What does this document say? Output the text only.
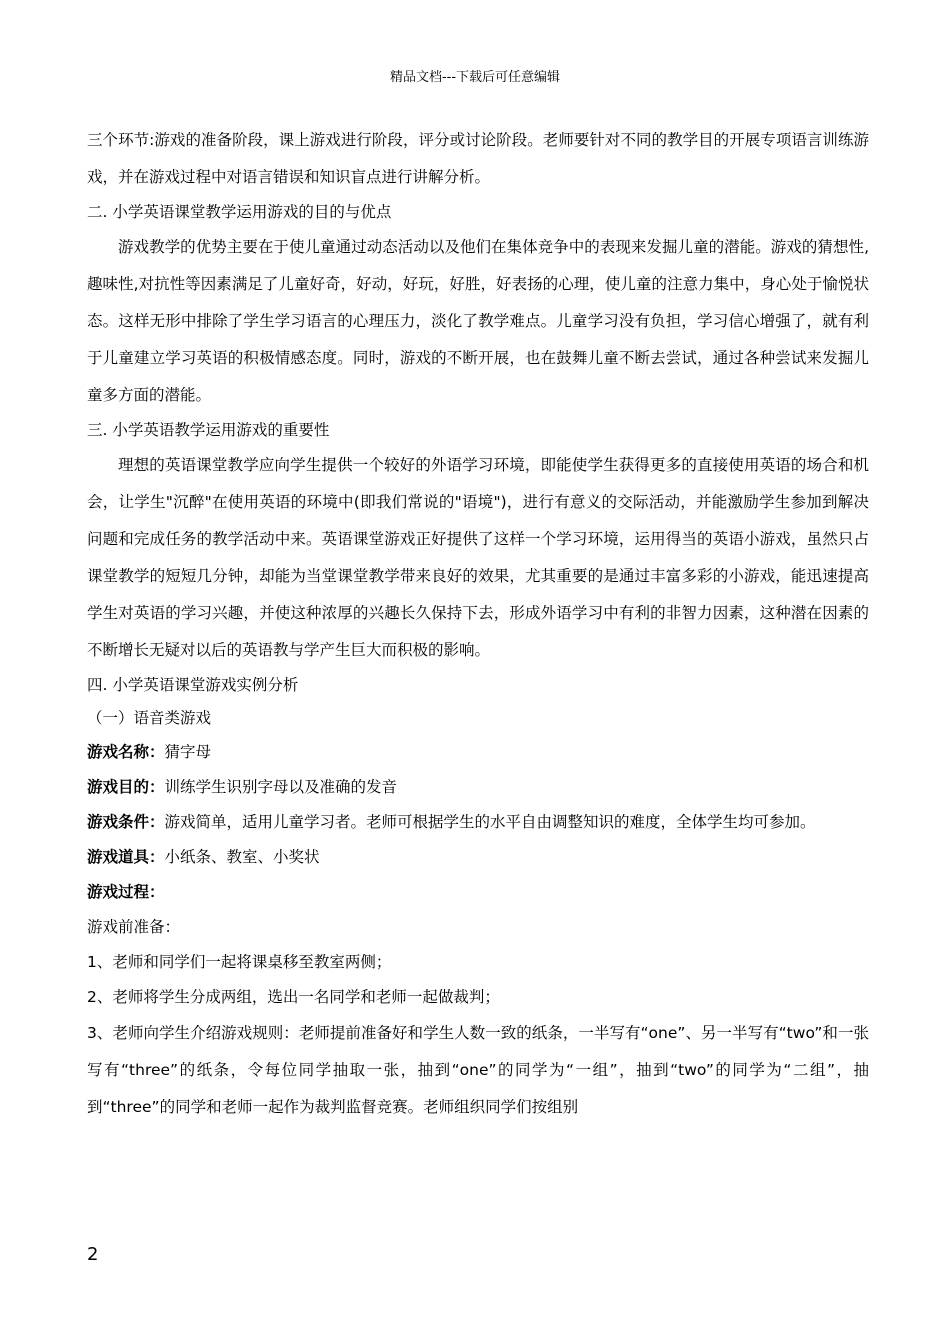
精品文档---下载后可任意编辑

三个环节:游戏的准备阶段，课上游戏进行阶段，评分或讨论阶段。老师要针对不同的教学目的开展专项语言训练游戏，并在游戏过程中对语言错误和知识盲点进行讲解分析。

二. 小学英语课堂教学运用游戏的目的与优点

游戏教学的优势主要在于使儿童通过动态活动以及他们在集体竞争中的表现来发掘儿童的潜能。游戏的猜想性,趣味性,对抗性等因素满足了儿童好奇，好动，好玩，好胜，好表扬的心理，使儿童的注意力集中，身心处于愉悦状态。这样无形中排除了学生学习语言的心理压力，淡化了教学难点。儿童学习没有负担，学习信心增强了，就有利于儿童建立学习英语的积极情感态度。同时，游戏的不断开展，也在鼓舞儿童不断去尝试，通过各种尝试来发掘儿童多方面的潜能。

三. 小学英语教学运用游戏的重要性

理想的英语课堂教学应向学生提供一个较好的外语学习环境，即能使学生获得更多的直接使用英语的场合和机会，让学生"沉醉"在使用英语的环境中(即我们常说的"语境")，进行有意义的交际活动，并能激励学生参加到解决问题和完成任务的教学活动中来。英语课堂游戏正好提供了这样一个学习环境，运用得当的英语小游戏，虽然只占课堂教学的短短几分钟，却能为当堂课堂教学带来良好的效果，尤其重要的是通过丰富多彩的小游戏，能迅速提高学生对英语的学习兴趣，并使这种浓厚的兴趣长久保持下去，形成外语学习中有利的非智力因素，这种潜在因素的不断增长无疑对以后的英语教与学产生巨大而积极的影响。

四. 小学英语课堂游戏实例分析

（一）语音类游戏

游戏名称：猜字母

游戏目的：训练学生识别字母以及准确的发音

游戏条件：游戏简单，适用儿童学习者。老师可根据学生的水平自由调整知识的难度，全体学生均可参加。

游戏道具：小纸条、教室、小奖状

游戏过程：

游戏前准备：

1、老师和同学们一起将课桌移至教室两侧；

2、老师将学生分成两组，选出一名同学和老师一起做裁判；

3、老师向学生介绍游戏规则：老师提前准备好和学生人数一致的纸条，一半写有“one”、另一半写有“two”和一张写有“three”的纸条，令每位同学抽取一张，抽到“one”的同学为“一组”，抽到“two”的同学为“二组”，抽到“three”的同学和老师一起作为裁判监督竞赛。老师组织同学们按组别

2
